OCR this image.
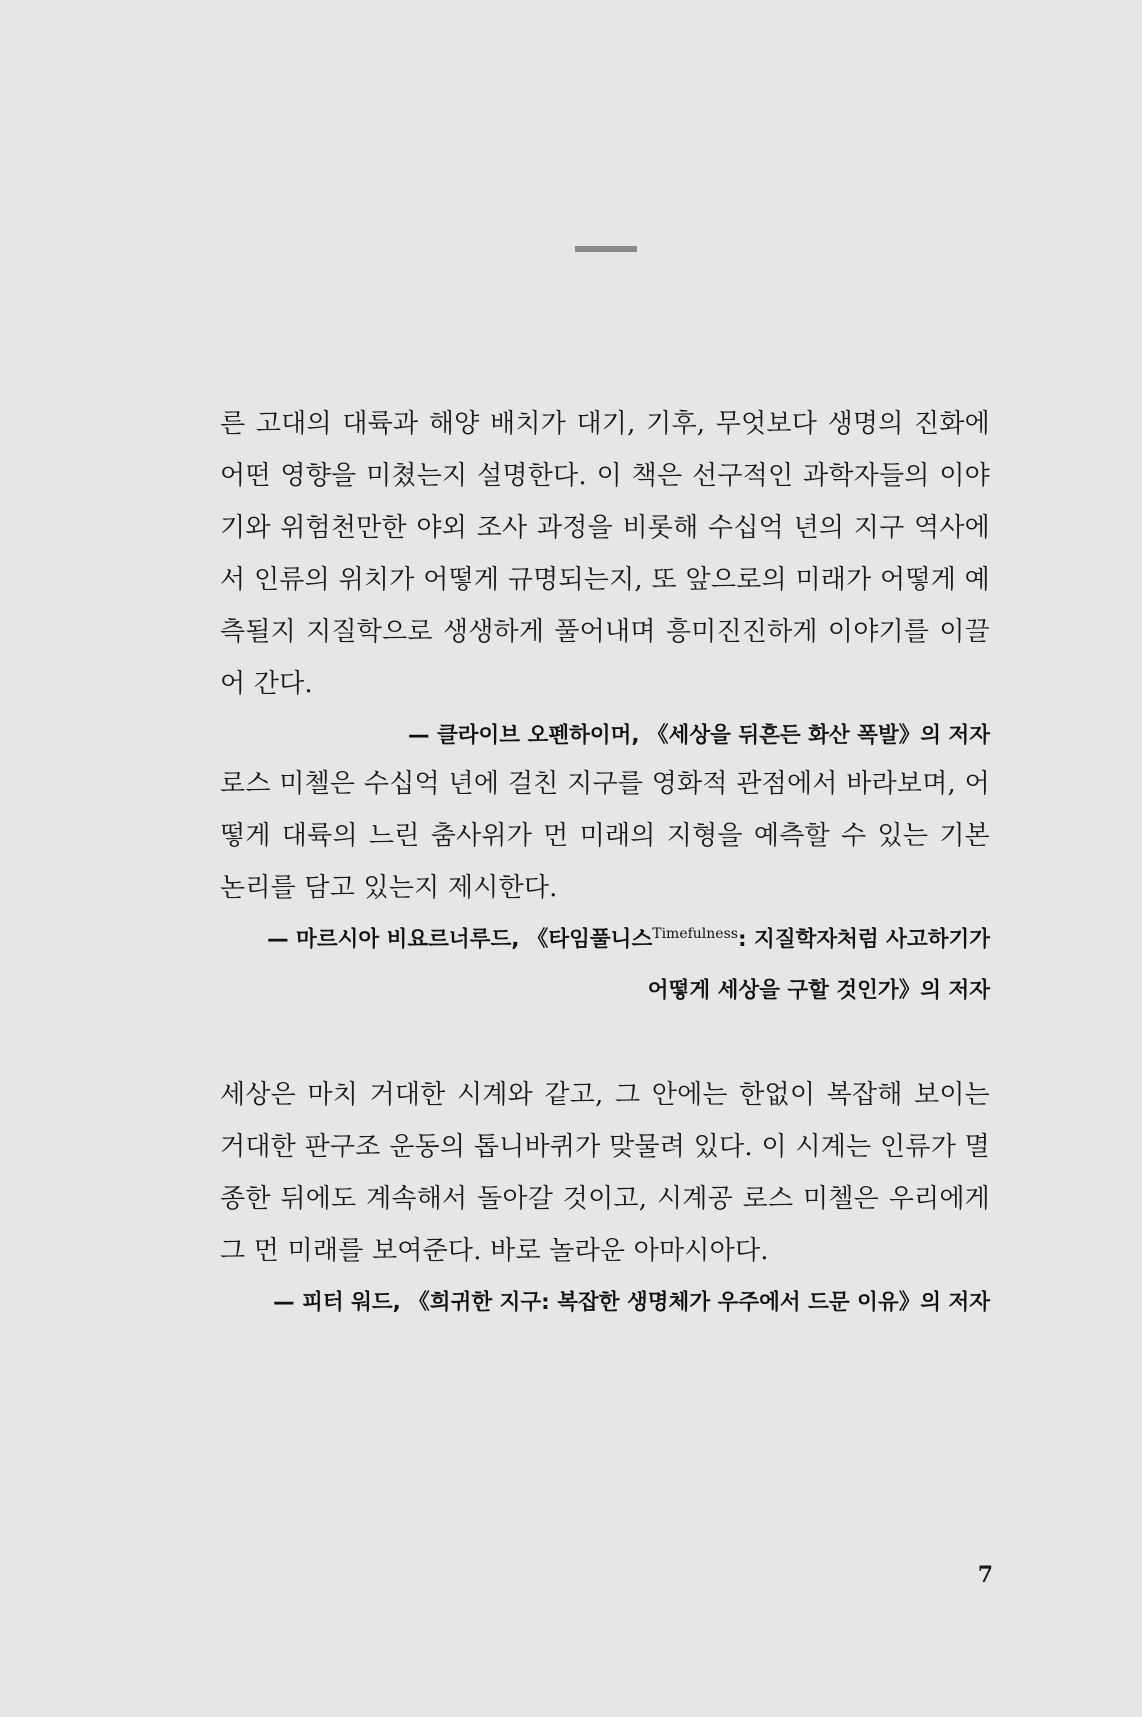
른 고대의 대륙과 해양 배치가 대기, 기후, 무엇보다 생명의 진화에 어떤 영향을 미쳤는지 설명한다. 이 책은 선구적인 과학자들의 이야기와 위험천만한 야외 조사 과정을 비롯해 수십억 년의 지구 역사에서 인류의 위치가 어떻게 규명되는지, 또 앞으로의 미래가 어떻게 예측될지 지질학으로 생생하게 풀어내며 흥미진진하게 이야기를 이끌어 간다.

— 클라이브 오펜하이머, 《세상을 뒤흔든 화산 폭발》의 저자

로스 미첼은 수십억 년에 걸친 지구를 영화적 관점에서 바라보며, 어떻게 대륙의 느린 춤사위가 먼 미래의 지형을 예측할 수 있는 기본 논리를 담고 있는지 제시한다.

— 마르시아 비요르너루드, 《타임풀니스$^{Timefulness}$: 지질학자처럼 사고하기가
어떻게 세상을 구할 것인가》의 저자

세상은 마치 거대한 시계와 같고, 그 안에는 한없이 복잡해 보이는 거대한 판구조 운동의 톱니바퀴가 맞물려 있다. 이 시계는 인류가 멸종한 뒤에도 계속해서 돌아갈 것이고, 시계공 로스 미첼은 우리에게 그 먼 미래를 보여준다. 바로 놀라운 아마시아다.

— 피터 워드, 《희귀한 지구: 복잡한 생명체가 우주에서 드문 이유》의 저자

7
